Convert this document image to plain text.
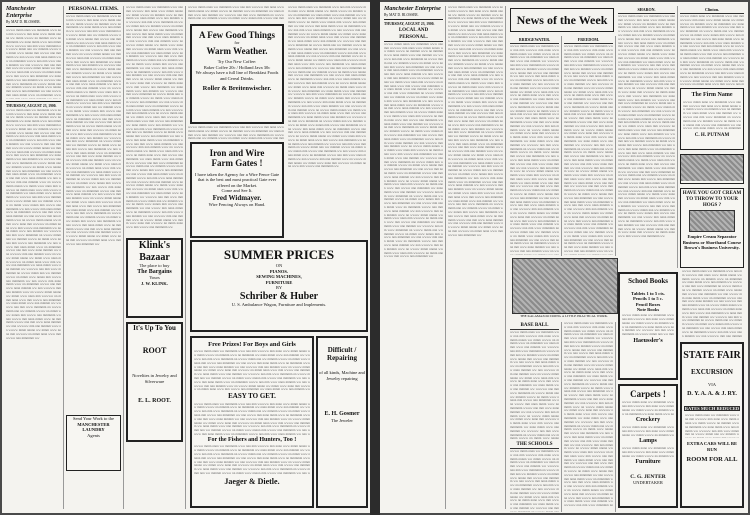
Manchester Enterprise
By MAT D. BLOSSER.
wwww mmm nnnn ww mmmmm www nnn mm wwwww mm nnnn www mmm nnnnn ww mmm wwww nn mmmm www nn mmmmm ww nnnn mmm www nnn mmmm ww wwwww nnn mm www mmmmm nn wwww mmm nnn ww mmmm wwww nn mmm www nnnnn mm wwww nnn mmmmm ww nnn wwww mm nnnn mmm www nn mmmmm wwww nnn mm www nnnn mmmm ww nnn wwwww mm nnn mmmm www nn wwww mmm nnnnn ww mmm www nnnn mm wwwww nn mmm nnnn www mm wwww nnn mmmmm ww nnnn mmm www nnn mmmm ww wwwww nnn mm www mmmmm nn wwww mmm nnn ww mmmm wwww nn mmm www nnnnn mm wwww nnn mmmmm ww nnn wwww mm nnnn mmm www nn mmmmm wwww nnn mm www nnnn mmmm ww nnn wwwww mm nnn mmmm www nn wwww mmm nnnnn ww mmm www nnnn mm wwwww nn mmm nnnn www mm wwww nnn mmmmm ww nnnn mmm www nnn mmmm ww wwwww nnn mm www mmmmm nn wwww mmm nnn ww mmmm wwww nn mmm www nnnnn mm wwww nnn mmmmm ww nnn wwww mm nnnn mmm www nn mmmmm wwww nnn mm www nnnn mmmm ww nnn wwwww mm nnn mmmm www nn wwww mmm nnnnn ww mmm www nnnn mm wwwww nn mmm nnnn www mm wwww nnn mmmmm ww nnnn mmm www nnn mmmm ww wwwww nnn mm www mmmmm nn wwww mmm nnn ww mmmm wwww nn mmm www nnnnn mm wwww nnn mmmmm ww nnn wwww mm nnnn mmm www nn mmmmm wwww nnn mm www nnnn mmmm ww nnn wwwww mm nnn mmmm www nn wwww mmm nnnnn ww mmm www nnnn mm wwwww nn mmm nnnn www mm wwww nnn mmmmm ww nnnn mmm www nnn mmmm ww wwwww nnn mm www mmmmm nn wwww mmm nnn ww mmmm wwww nn mmm www nnnnn mm wwww nnn mmmmm ww nnn wwww mm nnnn mmm www nn mmmmm wwww nnn mm www nnnn mmmm ww nnn wwwww mm nnn mmmm www nn wwww mmm nnnnn ww mmm www nnnn mm wwwww nn mmm nnnn www mm wwww nnn mmmmm ww nnnn mmm www nnn mmmm ww wwwww nnn mm www mmmmm nn wwww mmm nnn ww mmmm wwww nn mmm www nnnnn mm wwww nnn mmmmm ww nnn wwww mm nnnn mmm www nn mmmmm wwww nnn mm www nnnn mmmm ww nnn wwwww mm nnn mmmm www nn wwww mmm nnnnn ww mmm www nnnn mm wwwww nn mmm nnnn www mm wwww nnn mmmmm ww
THURSDAY, AUGUST 23, 1900.
wwww mmm nnnn ww mmmmm www nnn mm wwwww mm nnnn www mmm nnnnn ww mmm wwww nn mmmm www nn mmmmm ww nnnn mmm www nnn mmmm ww wwwww nnn mm www mmmmm nn wwww mmm nnn ww mmmm wwww nn mmm www nnnnn mm wwww nnn mmmmm ww nnn wwww mm nnnn mmm www nn mmmmm wwww nnn mm www nnnn mmmm ww nnn wwwww mm nnn mmmm www nn wwww mmm nnnnn ww mmm www nnnn mm wwwww nn mmm nnnn www mm wwww nnn mmmmm ww nnnn mmm www nnn mmmm ww wwwww nnn mm www mmmmm nn wwww mmm nnn ww mmmm wwww nn mmm www nnnnn mm wwww nnn mmmmm ww nnn wwww mm nnnn mmm www nn mmmmm wwww nnn mm www nnnn mmmm ww nnn wwwww mm nnn mmmm www nn wwww mmm nnnnn ww mmm www nnnn mm wwwww nn mmm nnnn www mm wwww nnn mmmmm ww nnnn mmm www nnn mmmm ww wwwww nnn mm www mmmmm nn wwww mmm nnn ww mmmm wwww nn mmm www nnnnn mm wwww nnn mmmmm ww nnn wwww mm nnnn mmm www nn mmmmm wwww nnn mm www nnnn mmmm ww nnn wwwww mm nnn mmmm www nn wwww mmm nnnnn ww mmm www nnnn mm wwwww nn mmm nnnn www mm wwww nnn mmmmm ww nnnn mmm www nnn mmmm ww wwwww nnn mm www mmmmm nn wwww mmm nnn ww mmmm wwww nn mmm www nnnnn mm wwww nnn mmmmm ww nnn wwww mm nnnn mmm www nn mmmmm wwww nnn mm www nnnn mmmm ww nnn wwwww mm nnn mmmm www nn wwww mmm nnnnn ww mmm www nnnn mm wwwww nn mmm nnnn www mm wwww nnn mmmmm ww nnnn mmm www nnn mmmm ww wwwww nnn mm www mmmmm nn wwww mmm nnn ww mmmm wwww nn mmm www nnnnn mm wwww nnn mmmmm ww nnn wwww mm nnnn mmm www nn mmmmm wwww nnn mm www nnnn mmmm ww nnn wwwww mm nnn mmmm www nn wwww mmm nnnnn ww mmm www nnnn mm wwwww nn mmm nnnn www mm wwww nnn mmmmm ww nnnn mmm www nnn mmmm ww wwwww nnn mm www mmmmm nn wwww mmm nnn ww mmmm wwww nn mmm www nnnnn mm wwww nnn mmmmm ww nnn wwww mm nnnn mmm www nn mmmmm wwww nnn mm www nnnn mmmm ww nnn wwwww mm nnn mmmm www nn wwww mmm nnnnn ww mmm www nnnn mm wwwww nn mmm nnnn www mm wwww nnn mmmmm ww
PERSONAL ITEMS.
wwww mmm nnnn ww mmmmm www nnn mm wwwww mm nnnn www mmm nnnnn ww mmm wwww nn mmmm www nn mmmmm ww nnnn mmm www nnn mmmm ww wwwww nnn mm www mmmmm nn wwww mmm nnn ww mmmm wwww nn mmm www nnnnn mm wwww nnn mmmmm ww nnn wwww mm nnnn mmm www nn mmmmm wwww nnn mm www nnnn mmmm ww nnn wwwww mm nnn mmmm www nn wwww mmm nnnnn ww mmm www nnnn mm wwwww nn mmm nnnn www mm wwww nnn mmmmm ww nnnn mmm www nnn mmmm ww wwwww nnn mm www mmmmm nn wwww mmm nnn ww mmmm wwww nn mmm www nnnnn mm wwww nnn mmmmm ww nnn wwww mm nnnn mmm www nn mmmmm wwww nnn mm www nnnn mmmm ww nnn wwwww mm nnn mmmm www nn wwww mmm nnnnn ww mmm www nnnn mm wwwww nn mmm nnnn www mm wwww nnn mmmmm ww nnnn mmm www nnn mmmm ww wwwww nnn mm www mmmmm nn wwww mmm nnn ww mmmm wwww nn mmm www nnnnn mm wwww nnn mmmmm ww nnn wwww mm nnnn mmm www nn mmmmm wwww nnn mm www nnnn mmmm ww nnn wwwww mm nnn mmmm www nn wwww mmm nnnnn ww mmm www nnnn mm wwwww nn mmm nnnn www mm wwww nnn mmmmm ww nnnn mmm www nnn mmmm ww wwwww nnn mm www mmmmm nn wwww mmm nnn ww mmmm wwww nn mmm www nnnnn mm wwww nnn mmmmm ww nnn wwww mm nnnn mmm www nn mmmmm wwww nnn mm www nnnn mmmm ww nnn wwwww mm nnn mmmm www nn wwww mmm nnnnn ww mmm www nnnn mm wwwww nn mmm nnnn www mm wwww nnn mmmmm ww nnnn mmm www nnn mmmm ww wwwww nnn mm www mmmmm nn wwww mmm nnn ww mmmm wwww nn mmm www nnnnn mm wwww nnn mmmmm ww nnn wwww mm nnnn mmm www nn mmmmm wwww nnn mm www nnnn mmmm ww nnn wwwww mm nnn mmmm www nn wwww mmm nnnnn ww mmm www nnnn mm wwwww nn mmm nnnn www mm wwww nnn mmmmm ww nnnn mmm www nnn mmmm ww wwwww nnn mm www mmmmm nn wwww mmm nnn ww mmmm wwww nn mmm www nnnnn mm wwww nnn mmmmm ww nnn wwww mm nnnn mmm www nn mmmmm wwww nnn mm www nnnn mmmm ww nnn wwwww mm nnn mmmm www nn wwww mmm nnnnn ww mmm www nnnn mm wwwww nn mmm nnnn www mm wwww nnn mmmmm ww
Send Your Work to the
MANCHESTER LAUNDRY
Agents
wwww mmm nnnn ww mmmmm www nnn mm wwwww mm nnnn www mmm nnnnn ww mmm wwww nn mmmm www nn mmmmm ww nnnn mmm www nnn mmmm ww wwwww nnn mm www mmmmm nn wwww mmm nnn ww mmmm wwww nn mmm www nnnnn mm wwww nnn mmmmm ww nnn wwww mm nnnn mmm www nn mmmmm wwww nnn mm www nnnn mmmm ww nnn wwwww mm nnn mmmm www nn wwww mmm nnnnn ww mmm www nnnn mm wwwww nn mmm nnnn www mm wwww nnn mmmmm ww nnnn mmm www nnn mmmm ww wwwww nnn mm www mmmmm nn wwww mmm nnn ww mmmm wwww nn mmm www nnnnn mm wwww nnn mmmmm ww nnn wwww mm nnnn mmm www nn mmmmm wwww nnn mm www nnnn mmmm ww nnn wwwww mm nnn mmmm www nn wwww mmm nnnnn ww mmm www nnnn mm wwwww nn mmm nnnn www mm wwww nnn mmmmm ww nnnn mmm www nnn mmmm ww wwwww nnn mm www mmmmm nn wwww mmm nnn ww mmmm wwww nn mmm www nnnnn mm wwww nnn mmmmm ww nnn wwww mm nnnn mmm www nn mmmmm wwww nnn mm www nnnn mmmm ww nnn wwwww mm nnn mmmm www nn wwww mmm nnnnn ww mmm www nnnn mm wwwww nn mmm nnnn www mm wwww nnn mmmmm ww nnnn mmm www nnn mmmm ww wwwww nnn mm www mmmmm nn wwww mmm nnn ww mmmm wwww nn mmm www nnnnn mm wwww nnn mmmmm ww nnn wwww mm nnnn mmm www nn mmmmm wwww nnn mm www nnnn mmmm ww nnn wwwww mm nnn mmmm www nn wwww mmm nnnnn ww mmm www nnnn mm wwwww nn mmm nnnn www mm wwww nnn mmmmm ww nnnn mmm www nnn mmmm ww wwwww nnn mm www mmmmm nn wwww mmm nnn ww mmmm wwww nn mmm www nnnnn mm wwww nnn mmmmm ww nnn wwww mm nnnn mmm www nn mmmmm wwww nnn mm www nnnn mmmm ww nnn wwwww mm nnn mmmm www nn wwww mmm nnnnn ww mmm www nnnn mm wwwww nn mmm nnnn www mm wwww nnn mmmmm ww nnnn mmm www nnn mmmm ww wwwww nnn mm www mmmmm nn wwww mmm nnn ww mmmm wwww nn mmm www nnnnn mm wwww nnn mmmmm ww nnn wwww mm nnnn mmm www nn mmmmm wwww nnn mm www nnnn mmmm ww nnn wwwww mm nnn mmmm www nn wwww mmm nnnnn ww mmm www nnnn mm wwwww nn mmm nnnn www mm wwww nnn mmmmm ww
Klink's
Bazaar
The place to buy
The Bargains
Yours
J. W. KLINK.
It's Up To You
ROOT
Novelties in Jewelry and Silverware
E. L. ROOT.
A Few Good Things
for
Warm Weather.
Try Our New Coffee:
Baker Coffee 20c / Holland Java 30c
We always have a full line of Breakfast Foods and Cereal Drinks.
Roller & Breitenwischer.
Iron and Wire
Farm Gates !
I have taken the Agency for a Wire Fence Gate that is the best and most practical Gate ever offered on the Market.
Come and See It.
Fred Widmayer.
Wire Fencing Always on Hand.
SUMMER PRICES
ON
PIANOS.
SEWING MACHINES,
FURNITURE
BY
Schriber & Huber
U. S. Ambulance Wagon, Furniture and Implements.
Free Prizes! For Boys and Girls
wwww mmm nnnn ww mmmmm www nnn mm wwwww mm nnnn www mmm nnnnn ww mmm wwww nn mmmm www nn mmmmm ww nnnn mmm www nnn mmmm ww wwwww nnn mm www mmmmm nn wwww mmm nnn ww mmmm wwww nn mmm www nnnnn mm wwww nnn mmmmm ww nnn wwww mm nnnn mmm www nn mmmmm wwww nnn mm www nnnn mmmm ww nnn wwwww mm nnn mmmm www nn wwww mmm nnnnn ww mmm www nnnn mm wwwww nn mmm nnnn www mm wwww nnn mmmmm ww nnnn mmm www nnn mmmm ww wwwww nnn mm www mmmmm nn wwww mmm nnn ww mmmm wwww nn mmm www nnnnn mm wwww nnn mmmmm ww nnn wwww mm nnnn mmm www nn mmmmm wwww nnn mm www nnnn mmmm ww nnn wwwww mm nnn mmmm www nn wwww mmm nnnnn ww mmm www nnnn mm wwwww nn mmm nnnn www mm wwww nnn mmmmm ww nnnn mmm www nnn mmmm ww wwwww nnn mm www mmmmm nn wwww mmm nnn ww mmmm wwww nn mmm www nnnnn mm wwww nnn mmmmm ww nnn wwww mm nnnn mmm www nn mmmmm wwww nnn mm www nnnn mmmm ww nnn wwwww mm nnn mmmm www nn wwww mmm nnnnn ww mmm www nnnn mm wwwww nn mmm nnnn www mm wwww nnn mmmmm ww nnnn mmm www nnn mmmm ww wwwww nnn mm www mmmmm nn wwww mmm nnn ww mmmm wwww nn mmm www nnnnn mm wwww nnn mmmmm ww nnn wwww mm nnnn mmm www nn mmmmm wwww nnn mm www nnnn mmmm ww nnn wwwww mm nnn mmmm www nn wwww mmm nnnnn ww mmm www nnnn mm wwwww nn mmm nnnn www mm wwww nnn mmmmm ww nnnn mmm www nnn mmmm ww wwwww nnn mm www mmmmm nn wwww mmm nnn ww mmmm wwww nn mmm www nnnnn mm wwww nnn mmmmm ww nnn wwww mm nnnn mmm www nn mmmmm wwww nnn mm www nnnn mmmm ww nnn wwwww mm nnn mmmm www nn wwww mmm nnnnn ww mmm www nnnn mm wwwww nn mmm nnnn www mm wwww nnn mmmmm ww nnnn mmm www nnn mmmm ww wwwww nnn mm www mmmmm nn wwww mmm nnn ww mmmm wwww nn mmm www nnnnn mm wwww nnn mmmmm ww nnn wwww mm nnnn mmm www nn mmmmm wwww nnn mm www nnnn mmmm ww nnn wwwww mm nnn mmmm www nn wwww mmm nnnnn ww mmm www nnnn mm wwwww nn mmm nnnn www mm wwww nnn mmmmm ww
EASY TO GET.
wwww mmm nnnn ww mmmmm www nnn mm wwwww mm nnnn www mmm nnnnn ww mmm wwww nn mmmm www nn mmmmm ww nnnn mmm www nnn mmmm ww wwwww nnn mm www mmmmm nn wwww mmm nnn ww mmmm wwww nn mmm www nnnnn mm wwww nnn mmmmm ww nnn wwww mm nnnn mmm www nn mmmmm wwww nnn mm www nnnn mmmm ww nnn wwwww mm nnn mmmm www nn wwww mmm nnnnn ww mmm www nnnn mm wwwww nn mmm nnnn www mm wwww nnn mmmmm ww nnnn mmm www nnn mmmm ww wwwww nnn mm www mmmmm nn wwww mmm nnn ww mmmm wwww nn mmm www nnnnn mm wwww nnn mmmmm ww nnn wwww mm nnnn mmm www nn mmmmm wwww nnn mm www nnnn mmmm ww nnn wwwww mm nnn mmmm www nn wwww mmm nnnnn ww mmm www nnnn mm wwwww nn mmm nnnn www mm wwww nnn mmmmm ww nnnn mmm www nnn mmmm ww wwwww nnn mm www mmmmm nn wwww mmm nnn ww mmmm wwww nn mmm www nnnnn mm wwww nnn mmmmm ww nnn wwww mm nnnn mmm www nn mmmmm wwww nnn mm www nnnn mmmm ww nnn wwwww mm nnn mmmm www nn wwww mmm nnnnn ww mmm www nnnn mm wwwww nn mmm nnnn www mm wwww nnn mmmmm ww nnnn mmm www nnn mmmm ww wwwww nnn mm www mmmmm nn wwww mmm nnn ww mmmm wwww nn mmm www nnnnn mm wwww nnn mmmmm ww nnn wwww mm nnnn mmm www nn mmmmm wwww nnn mm www nnnn mmmm ww nnn wwwww mm nnn mmmm www nn wwww mmm nnnnn ww mmm www nnnn mm wwwww nn mmm nnnn www mm wwww nnn mmmmm ww nnnn mmm www nnn mmmm ww wwwww nnn mm www mmmmm nn wwww mmm nnn ww mmmm wwww nn mmm www nnnnn mm wwww nnn mmmmm ww nnn wwww mm nnnn mmm www nn mmmmm wwww nnn mm www nnnn mmmm ww nnn wwwww mm nnn mmmm www nn wwww mmm nnnnn ww mmm www nnnn mm wwwww nn mmm nnnn www mm wwww nnn mmmmm ww nnnn mmm www nnn mmmm ww wwwww nnn mm www mmmmm nn wwww mmm nnn ww mmmm wwww nn mmm www nnnnn mm wwww nnn mmmmm ww nnn wwww mm nnnn mmm www nn mmmmm wwww nnn mm www nnnn mmmm ww nnn wwwww mm nnn mmmm www nn wwww mmm nnnnn ww mmm www nnnn mm wwwww nn mmm nnnn www mm wwww nnn mmmmm ww
For the Fishers and Hunters, Too !
wwww mmm nnnn ww mmmmm www nnn mm wwwww mm nnnn www mmm nnnnn ww mmm wwww nn mmmm www nn mmmmm ww nnnn mmm www nnn mmmm ww wwwww nnn mm www mmmmm nn wwww mmm nnn ww mmmm wwww nn mmm www nnnnn mm wwww nnn mmmmm ww nnn wwww mm nnnn mmm www nn mmmmm wwww nnn mm www nnnn mmmm ww nnn wwwww mm nnn mmmm www nn wwww mmm nnnnn ww mmm www nnnn mm wwwww nn mmm nnnn www mm wwww nnn mmmmm ww nnnn mmm www nnn mmmm ww wwwww nnn mm www mmmmm nn wwww mmm nnn ww mmmm wwww nn mmm www nnnnn mm wwww nnn mmmmm ww nnn wwww mm nnnn mmm www nn mmmmm wwww nnn mm www nnnn mmmm ww nnn wwwww mm nnn mmmm www nn wwww mmm nnnnn ww mmm www nnnn mm wwwww nn mmm nnnn www mm wwww nnn mmmmm ww nnnn mmm www nnn mmmm ww wwwww nnn mm www mmmmm nn wwww mmm nnn ww mmmm wwww nn mmm www nnnnn mm wwww nnn mmmmm ww nnn wwww mm nnnn mmm www nn mmmmm wwww nnn mm www nnnn mmmm ww nnn wwwww mm nnn mmmm www nn wwww mmm nnnnn ww mmm www nnnn mm wwwww nn mmm nnnn www mm wwww nnn mmmmm ww nnnn mmm www nnn mmmm ww wwwww nnn mm www mmmmm nn wwww mmm nnn ww mmmm wwww nn mmm www nnnnn mm wwww nnn mmmmm ww nnn wwww mm nnnn mmm www nn mmmmm wwww nnn mm www nnnn mmmm ww nnn wwwww mm nnn mmmm www nn wwww mmm nnnnn ww mmm www nnnn mm wwwww nn mmm nnnn www mm wwww nnn mmmmm ww nnnn mmm www nnn mmmm ww wwwww nnn mm www mmmmm nn wwww mmm nnn ww mmmm wwww nn mmm www nnnnn mm wwww nnn mmmmm ww nnn wwww mm nnnn mmm www nn mmmmm wwww nnn mm www nnnn mmmm ww nnn wwwww mm nnn mmmm www nn wwww mmm nnnnn ww mmm www nnnn mm wwwww nn mmm nnnn www mm wwww nnn mmmmm ww nnnn mmm www nnn mmmm ww wwwww nnn mm www mmmmm nn wwww mmm nnn ww mmmm wwww nn mmm www nnnnn mm wwww nnn mmmmm ww nnn wwww mm nnnn mmm www nn mmmmm wwww nnn mm www nnnn mmmm ww nnn wwwww mm nnn mmmm www nn wwww mmm nnnnn ww mmm www nnnn mm wwwww nn mmm nnnn www mm wwww nnn mmmmm ww
Jaeger & Dietle.
Difficult /
Repairing
of all kinds, Machine and Jewelry repairing
E. H. Gosmer
The Jeweler
wwww mmm nnnn ww mmmmm www nnn mm wwwww mm nnnn www mmm nnnnn ww mmm wwww nn mmmm www nn mmmmm ww nnnn mmm www nnn mmmm ww wwwww nnn mm www mmmmm nn wwww mmm nnn ww mmmm wwww nn mmm www nnnnn mm wwww nnn mmmmm ww nnn wwww mm nnnn mmm www nn mmmmm wwww nnn mm www nnnn mmmm ww nnn wwwww mm nnn mmmm www nn wwww mmm nnnnn ww mmm www nnnn mm wwwww nn mmm nnnn www mm wwww nnn mmmmm ww nnnn mmm www nnn mmmm ww wwwww nnn mm www mmmmm nn wwww mmm nnn ww mmmm wwww nn mmm www nnnnn mm wwww nnn mmmmm ww nnn wwww mm nnnn mmm www nn mmmmm wwww nnn mm www nnnn mmmm ww nnn wwwww mm nnn mmmm www nn wwww mmm nnnnn ww mmm www nnnn mm wwwww nn mmm nnnn www mm wwww nnn mmmmm ww nnnn mmm www nnn mmmm ww wwwww nnn mm www mmmmm nn wwww mmm nnn ww mmmm wwww nn mmm www nnnnn mm wwww nnn mmmmm ww nnn wwww mm nnnn mmm www nn mmmmm wwww nnn mm www nnnn mmmm ww nnn wwwww mm nnn mmmm www nn wwww mmm nnnnn ww mmm www nnnn mm wwwww nn mmm nnnn www mm wwww nnn mmmmm ww nnnn mmm www nnn mmmm ww wwwww nnn mm www mmmmm nn wwww mmm nnn ww mmmm wwww nn mmm www nnnnn mm wwww nnn mmmmm ww nnn wwww mm nnnn mmm www nn mmmmm wwww nnn mm www nnnn mmmm ww nnn wwwww mm nnn mmmm www nn wwww mmm nnnnn ww mmm www nnnn mm wwwww nn mmm nnnn www mm wwww nnn mmmmm ww nnnn mmm www nnn mmmm ww wwwww nnn mm www mmmmm nn wwww mmm nnn ww mmmm wwww nn mmm www nnnnn mm wwww nnn mmmmm ww nnn wwww mm nnnn mmm www nn mmmmm wwww nnn mm www nnnn mmmm ww nnn wwwww mm nnn mmmm www nn wwww mmm nnnnn ww mmm www nnnn mm wwwww nn mmm nnnn www mm wwww nnn mmmmm ww nnnn mmm www nnn mmmm ww wwwww nnn mm www mmmmm nn wwww mmm nnn ww mmmm wwww nn mmm www nnnnn mm wwww nnn mmmmm ww nnn wwww mm nnnn mmm www nn mmmmm wwww nnn mm www nnnn mmmm ww nnn wwwww mm nnn mmmm www nn wwww mmm nnnnn ww mmm www nnnn mm wwwww nn mmm nnnn www mm wwww nnn mmmmm ww
wwww mmm nnnn ww mmmmm www nnn mm wwwww mm nnnn www mmm nnnnn ww mmm wwww nn mmmm www nn mmmmm ww nnnn mmm www nnn mmmm ww wwwww nnn mm www mmmmm nn wwww mmm nnn ww mmmm wwww nn mmm www nnnnn mm wwww nnn mmmmm ww nnn wwww mm nnnn mmm www nn mmmmm wwww nnn mm www nnnn mmmm ww nnn wwwww mm nnn mmmm www nn wwww mmm nnnnn ww mmm www nnnn mm wwwww nn mmm nnnn www mm wwww nnn mmmmm ww nnnn mmm www nnn mmmm ww wwwww nnn mm www mmmmm nn wwww mmm nnn ww mmmm wwww nn mmm www nnnnn mm wwww nnn mmmmm ww nnn wwww mm nnnn mmm www nn mmmmm wwww nnn mm www nnnn mmmm ww nnn wwwww mm nnn mmmm www nn wwww mmm nnnnn ww mmm www nnnn mm wwwww nn mmm nnnn www mm wwww nnn mmmmm ww nnnn mmm www nnn mmmm ww wwwww nnn mm www mmmmm nn wwww mmm nnn ww mmmm wwww nn mmm www nnnnn mm wwww nnn mmmmm ww nnn wwww mm nnnn mmm www nn mmmmm wwww nnn mm www nnnn mmmm ww nnn wwwww mm nnn mmmm www nn wwww mmm nnnnn ww mmm www nnnn mm wwwww nn mmm nnnn www mm wwww nnn mmmmm ww nnnn mmm www nnn mmmm ww wwwww nnn mm www mmmmm nn wwww mmm nnn ww mmmm wwww nn mmm www nnnnn mm wwww nnn mmmmm ww nnn wwww mm nnnn mmm www nn mmmmm wwww nnn mm www nnnn mmmm ww nnn wwwww mm nnn mmmm www nn wwww mmm nnnnn ww mmm www nnnn mm wwwww nn mmm nnnn www mm wwww nnn mmmmm ww nnnn mmm www nnn mmmm ww wwwww nnn mm www mmmmm nn wwww mmm nnn ww mmmm wwww nn mmm www nnnnn mm wwww nnn mmmmm ww nnn wwww mm nnnn mmm www nn mmmmm wwww nnn mm www nnnn mmmm ww nnn wwwww mm nnn mmmm www nn wwww mmm nnnnn ww mmm www nnnn mm wwwww nn mmm nnnn www mm wwww nnn mmmmm ww nnnn mmm www nnn mmmm ww wwwww nnn mm www mmmmm nn wwww mmm nnn ww mmmm wwww nn mmm www nnnnn mm wwww nnn mmmmm ww nnn wwww mm nnnn mmm www nn mmmmm wwww nnn mm www nnnn mmmm ww nnn wwwww mm nnn mmmm www nn wwww mmm nnnnn ww mmm www nnnn mm wwwww nn mmm nnnn www mm wwww nnn mmmmm ww
wwww mmm nnnn ww mmmmm www nnn mm wwwww mm nnnn www mmm nnnnn ww mmm wwww nn mmmm www nn mmmmm ww nnnn mmm www nnn mmmm ww wwwww nnn mm www mmmmm nn wwww mmm nnn ww mmmm wwww nn mmm www nnnnn mm wwww nnn mmmmm ww nnn wwww mm nnnn mmm www nn mmmmm wwww nnn mm www nnnn mmmm ww nnn wwwww mm nnn mmmm www nn wwww mmm nnnnn ww mmm www nnnn mm wwwww nn mmm nnnn www mm wwww nnn mmmmm ww nnnn mmm www nnn mmmm ww wwwww nnn mm www mmmmm nn wwww mmm nnn ww mmmm wwww nn mmm www nnnnn mm wwww nnn mmmmm ww nnn wwww mm nnnn mmm www nn mmmmm wwww nnn mm www nnnn mmmm ww nnn wwwww mm nnn mmmm www nn wwww mmm nnnnn ww mmm www nnnn mm wwwww nn mmm nnnn www mm wwww nnn mmmmm ww nnnn mmm www nnn mmmm ww wwwww nnn mm www mmmmm nn wwww mmm nnn ww mmmm wwww nn mmm www nnnnn mm wwww nnn mmmmm ww nnn wwww mm nnnn mmm www nn mmmmm wwww nnn mm www nnnn mmmm ww nnn wwwww mm nnn mmmm www nn wwww mmm nnnnn ww mmm www nnnn mm wwwww nn mmm nnnn www mm wwww nnn mmmmm ww nnnn mmm www nnn mmmm ww wwwww nnn mm www mmmmm nn wwww mmm nnn ww mmmm wwww nn mmm www nnnnn mm wwww nnn mmmmm ww nnn wwww mm nnnn mmm www nn mmmmm wwww nnn mm www nnnn mmmm ww nnn wwwww mm nnn mmmm www nn wwww mmm nnnnn ww mmm www nnnn mm wwwww nn mmm nnnn www mm wwww nnn mmmmm ww nnnn mmm www nnn mmmm ww wwwww nnn mm www mmmmm nn wwww mmm nnn ww mmmm wwww nn mmm www nnnnn mm wwww nnn mmmmm ww nnn wwww mm nnnn mmm www nn mmmmm wwww nnn mm www nnnn mmmm ww nnn wwwww mm nnn mmmm www nn wwww mmm nnnnn ww mmm www nnnn mm wwwww nn mmm nnnn www mm wwww nnn mmmmm ww nnnn mmm www nnn mmmm ww wwwww nnn mm www mmmmm nn wwww mmm nnn ww mmmm wwww nn mmm www nnnnn mm wwww nnn mmmmm ww nnn wwww mm nnnn mmm www nn mmmmm wwww nnn mm www nnnn mmmm ww nnn wwwww mm nnn mmmm www nn wwww mmm nnnnn ww mmm www nnnn mm wwwww nn mmm nnnn www mm wwww nnn mmmmm ww
Manchester Enterprise
By MAT D. BLOSSER.
THURSDAY, AUGUST 23, 1900.
LOCAL AND PERSONAL.
wwww mmm nnnn ww mmmmm www nnn mm wwwww mm nnnn www mmm nnnnn ww mmm wwww nn mmmm www nn mmmmm ww nnnn mmm www nnn mmmm ww wwwww nnn mm www mmmmm nn wwww mmm nnn ww mmmm wwww nn mmm www nnnnn mm wwww nnn mmmmm ww nnn wwww mm nnnn mmm www nn mmmmm wwww nnn mm www nnnn mmmm ww nnn wwwww mm nnn mmmm www nn wwww mmm nnnnn ww mmm www nnnn mm wwwww nn mmm nnnn www mm wwww nnn mmmmm ww nnnn mmm www nnn mmmm ww wwwww nnn mm www mmmmm nn wwww mmm nnn ww mmmm wwww nn mmm www nnnnn mm wwww nnn mmmmm ww nnn wwww mm nnnn mmm www nn mmmmm wwww nnn mm www nnnn mmmm ww nnn wwwww mm nnn mmmm www nn wwww mmm nnnnn ww mmm www nnnn mm wwwww nn mmm nnnn www mm wwww nnn mmmmm ww nnnn mmm www nnn mmmm ww wwwww nnn mm www mmmmm nn wwww mmm nnn ww mmmm wwww nn mmm www nnnnn mm wwww nnn mmmmm ww nnn wwww mm nnnn mmm www nn mmmmm wwww nnn mm www nnnn mmmm ww nnn wwwww mm nnn mmmm www nn wwww mmm nnnnn ww mmm www nnnn mm wwwww nn mmm nnnn www mm wwww nnn mmmmm ww nnnn mmm www nnn mmmm ww wwwww nnn mm www mmmmm nn wwww mmm nnn ww mmmm wwww nn mmm www nnnnn mm wwww nnn mmmmm ww nnn wwww mm nnnn mmm www nn mmmmm wwww nnn mm www nnnn mmmm ww nnn wwwww mm nnn mmmm www nn wwww mmm nnnnn ww mmm www nnnn mm wwwww nn mmm nnnn www mm wwww nnn mmmmm ww nnnn mmm www nnn mmmm ww wwwww nnn mm www mmmmm nn wwww mmm nnn ww mmmm wwww nn mmm www nnnnn mm wwww nnn mmmmm ww nnn wwww mm nnnn mmm www nn mmmmm wwww nnn mm www nnnn mmmm ww nnn wwwww mm nnn mmmm www nn wwww mmm nnnnn ww mmm www nnnn mm wwwww nn mmm nnnn www mm wwww nnn mmmmm ww nnnn mmm www nnn mmmm ww wwwww nnn mm www mmmmm nn wwww mmm nnn ww mmmm wwww nn mmm www nnnnn mm wwww nnn mmmmm ww nnn wwww mm nnnn mmm www nn mmmmm wwww nnn mm www nnnn mmmm ww nnn wwwww mm nnn mmmm www nn wwww mmm nnnnn ww mmm www nnnn mm wwwww nn mmm nnnn www mm wwww nnn mmmmm ww
wwww mmm nnnn ww mmmmm www nnn mm wwwww mm nnnn www mmm nnnnn ww mmm wwww nn mmmm www nn mmmmm ww nnnn mmm www nnn mmmm ww wwwww nnn mm www mmmmm nn wwww mmm nnn ww mmmm wwww nn mmm www nnnnn mm wwww nnn mmmmm ww nnn wwww mm nnnn mmm www nn mmmmm wwww nnn mm www nnnn mmmm ww nnn wwwww mm nnn mmmm www nn wwww mmm nnnnn ww mmm www nnnn mm wwwww nn mmm nnnn www mm wwww nnn mmmmm ww nnnn mmm www nnn mmmm ww wwwww nnn mm www mmmmm nn wwww mmm nnn ww mmmm wwww nn mmm www nnnnn mm wwww nnn mmmmm ww nnn wwww mm nnnn mmm www nn mmmmm wwww nnn mm www nnnn mmmm ww nnn wwwww mm nnn mmmm www nn wwww mmm nnnnn ww mmm www nnnn mm wwwww nn mmm nnnn www mm wwww nnn mmmmm ww nnnn mmm www nnn mmmm ww wwwww nnn mm www mmmmm nn wwww mmm nnn ww mmmm wwww nn mmm www nnnnn mm wwww nnn mmmmm ww nnn wwww mm nnnn mmm www nn mmmmm wwww nnn mm www nnnn mmmm ww nnn wwwww mm nnn mmmm www nn wwww mmm nnnnn ww mmm www nnnn mm wwwww nn mmm nnnn www mm wwww nnn mmmmm ww nnnn mmm www nnn mmmm ww wwwww nnn mm www mmmmm nn wwww mmm nnn ww mmmm wwww nn mmm www nnnnn mm wwww nnn mmmmm ww nnn wwww mm nnnn mmm www nn mmmmm wwww nnn mm www nnnn mmmm ww nnn wwwww mm nnn mmmm www nn wwww mmm nnnnn ww mmm www nnnn mm wwwww nn mmm nnnn www mm wwww nnn mmmmm ww nnnn mmm www nnn mmmm ww wwwww nnn mm www mmmmm nn wwww mmm nnn ww mmmm wwww nn mmm www nnnnn mm wwww nnn mmmmm ww nnn wwww mm nnnn mmm www nn mmmmm wwww nnn mm www nnnn mmmm ww nnn wwwww mm nnn mmmm www nn wwww mmm nnnnn ww mmm www nnnn mm wwwww nn mmm nnnn www mm wwww nnn mmmmm ww nnnn mmm www nnn mmmm ww wwwww nnn mm www mmmmm nn wwww mmm nnn ww mmmm wwww nn mmm www nnnnn mm wwww nnn mmmmm ww nnn wwww mm nnnn mmm www nn mmmmm wwww nnn mm www nnnn mmmm ww nnn wwwww mm nnn mmmm www nn wwww mmm nnnnn ww mmm www nnnn mm wwwww nn mmm nnnn www mm wwww nnn mmmmm ww
News of the Week
BRIDGEWATER.
wwww mmm nnnn ww mmmmm www nnn mm wwwww mm nnnn www mmm nnnnn ww mmm wwww nn mmmm www nn mmmmm ww nnnn mmm www nnn mmmm ww wwwww nnn mm www mmmmm nn wwww mmm nnn ww mmmm wwww nn mmm www nnnnn mm wwww nnn mmmmm ww nnn wwww mm nnnn mmm www nn mmmmm wwww nnn mm www nnnn mmmm ww nnn wwwww mm nnn mmmm www nn wwww mmm nnnnn ww mmm www nnnn mm wwwww nn mmm nnnn www mm wwww nnn mmmmm ww nnnn mmm www nnn mmmm ww wwwww nnn mm www mmmmm nn wwww mmm nnn ww mmmm wwww nn mmm www nnnnn mm wwww nnn mmmmm ww nnn wwww mm nnnn mmm www nn mmmmm wwww nnn mm www nnnn mmmm ww nnn wwwww mm nnn mmmm www nn wwww mmm nnnnn ww mmm www nnnn mm wwwww nn mmm nnnn www mm wwww nnn mmmmm ww nnnn mmm www nnn mmmm ww wwwww nnn mm www mmmmm nn wwww mmm nnn ww mmmm wwww nn mmm www nnnnn mm wwww nnn mmmmm ww nnn wwww mm nnnn mmm www nn mmmmm wwww nnn mm www nnnn mmmm ww nnn wwwww mm nnn mmmm www nn wwww mmm nnnnn ww mmm www nnnn mm wwwww nn mmm nnnn www mm wwww nnn mmmmm ww nnnn mmm www nnn mmmm ww wwwww nnn mm www mmmmm nn wwww mmm nnn ww mmmm wwww nn mmm www nnnnn mm wwww nnn mmmmm ww nnn wwww mm nnnn mmm www nn mmmmm wwww nnn mm www nnnn mmmm ww nnn wwwww mm nnn mmmm www nn wwww mmm nnnnn ww mmm www nnnn mm wwwww nn mmm nnnn www mm wwww nnn mmmmm ww nnnn mmm www nnn mmmm ww wwwww nnn mm www mmmmm nn wwww mmm nnn ww mmmm wwww nn mmm www nnnnn mm wwww nnn mmmmm ww nnn wwww mm nnnn mmm www nn mmmmm wwww nnn mm www nnnn mmmm ww nnn wwwww mm nnn mmmm www nn wwww mmm nnnnn ww mmm www nnnn mm wwwww nn mmm nnnn www mm wwww nnn mmmmm ww nnnn mmm www nnn mmmm ww wwwww nnn mm www mmmmm nn wwww mmm nnn ww mmmm wwww nn mmm www nnnnn mm wwww nnn mmmmm ww nnn wwww mm nnnn mmm www nn mmmmm wwww nnn mm www nnnn mmmm ww nnn wwwww mm nnn mmmm www nn wwww mmm nnnnn ww mmm www nnnn mm wwwww nn mmm nnnn www mm wwww nnn mmmmm ww	FREEDOM.
wwww mmm nnnn ww mmmmm www nnn mm wwwww mm nnnn www mmm nnnnn ww mmm wwww nn mmmm www nn mmmmm ww nnnn mmm www nnn mmmm ww wwwww nnn mm www mmmmm nn wwww mmm nnn ww mmmm wwww nn mmm www nnnnn mm wwww nnn mmmmm ww nnn wwww mm nnnn mmm www nn mmmmm wwww nnn mm www nnnn mmmm ww nnn wwwww mm nnn mmmm www nn wwww mmm nnnnn ww mmm www nnnn mm wwwww nn mmm nnnn www mm wwww nnn mmmmm ww nnnn mmm www nnn mmmm ww wwwww nnn mm www mmmmm nn wwww mmm nnn ww mmmm wwww nn mmm www nnnnn mm wwww nnn mmmmm ww nnn wwww mm nnnn mmm www nn mmmmm wwww nnn mm www nnnn mmmm ww nnn wwwww mm nnn mmmm www nn wwww mmm nnnnn ww mmm www nnnn mm wwwww nn mmm nnnn www mm wwww nnn mmmmm ww nnnn mmm www nnn mmmm ww wwwww nnn mm www mmmmm nn wwww mmm nnn ww mmmm wwww nn mmm www nnnnn mm wwww nnn mmmmm ww nnn wwww mm nnnn mmm www nn mmmmm wwww nnn mm www nnnn mmmm ww nnn wwwww mm nnn mmmm www nn wwww mmm nnnnn ww mmm www nnnn mm wwwww nn mmm nnnn www mm wwww nnn mmmmm ww nnnn mmm www nnn mmmm ww wwwww nnn mm www mmmmm nn wwww mmm nnn ww mmmm wwww nn mmm www nnnnn mm wwww nnn mmmmm ww nnn wwww mm nnnn mmm www nn mmmmm wwww nnn mm www nnnn mmmm ww nnn wwwww mm nnn mmmm www nn wwww mmm nnnnn ww mmm www nnnn mm wwwww nn mmm nnnn www mm wwww nnn mmmmm ww nnnn mmm www nnn mmmm ww wwwww nnn mm www mmmmm nn wwww mmm nnn ww mmmm wwww nn mmm www nnnnn mm wwww nnn mmmmm ww nnn wwww mm nnnn mmm www nn mmmmm wwww nnn mm www nnnn mmmm ww nnn wwwww mm nnn mmmm www nn wwww mmm nnnnn ww mmm www nnnn mm wwwww nn mmm nnnn www mm wwww nnn mmmmm ww nnnn mmm www nnn mmmm ww wwwww nnn mm www mmmmm nn wwww mmm nnn ww mmmm wwww nn mmm www nnnnn mm wwww nnn mmmmm ww nnn wwww mm nnnn mmm www nn mmmmm wwww nnn mm www nnnn mmmm ww nnn wwwww mm nnn mmmm www nn wwww mmm nnnnn ww mmm www nnnn mm wwwww nn mmm nnnn www mm wwww nnn mmmmm ww
THE KALAMAZOO DOING A LITTLE PRACTICAL WORK.
BASE BALL
wwww mmm nnnn ww mmmmm www nnn mm wwwww mm nnnn www mmm nnnnn ww mmm wwww nn mmmm www nn mmmmm ww nnnn mmm www nnn mmmm ww wwwww nnn mm www mmmmm nn wwww mmm nnn ww mmmm wwww nn mmm www nnnnn mm wwww nnn mmmmm ww nnn wwww mm nnnn mmm www nn mmmmm wwww nnn mm www nnnn mmmm ww nnn wwwww mm nnn mmmm www nn wwww mmm nnnnn ww mmm www nnnn mm wwwww nn mmm nnnn www mm wwww nnn mmmmm ww nnnn mmm www nnn mmmm ww wwwww nnn mm www mmmmm nn wwww mmm nnn ww mmmm wwww nn mmm www nnnnn mm wwww nnn mmmmm ww nnn wwww mm nnnn mmm www nn mmmmm wwww nnn mm www nnnn mmmm ww nnn wwwww mm nnn mmmm www nn wwww mmm nnnnn ww mmm www nnnn mm wwwww nn mmm nnnn www mm wwww nnn mmmmm ww nnnn mmm www nnn mmmm ww wwwww nnn mm www mmmmm nn wwww mmm nnn ww mmmm wwww nn mmm www nnnnn mm wwww nnn mmmmm ww nnn wwww mm nnnn mmm www nn mmmmm wwww nnn mm www nnnn mmmm ww nnn wwwww mm nnn mmmm www nn wwww mmm nnnnn ww mmm www nnnn mm wwwww nn mmm nnnn www mm wwww nnn mmmmm ww nnnn mmm www nnn mmmm ww wwwww nnn mm www mmmmm nn wwww mmm nnn ww mmmm wwww nn mmm www nnnnn mm wwww nnn mmmmm ww nnn wwww mm nnnn mmm www nn mmmmm wwww nnn mm www nnnn mmmm ww nnn wwwww mm nnn mmmm www nn wwww mmm nnnnn ww mmm www nnnn mm wwwww nn mmm nnnn www mm wwww nnn mmmmm ww nnnn mmm www nnn mmmm ww wwwww nnn mm www mmmmm nn wwww mmm nnn ww mmmm wwww nn mmm www nnnnn mm wwww nnn mmmmm ww nnn wwww mm nnnn mmm www nn mmmmm wwww nnn mm www nnnn mmmm ww nnn wwwww mm nnn mmmm www nn wwww mmm nnnnn ww mmm www nnnn mm wwwww nn mmm nnnn www mm wwww nnn mmmmm ww nnnn mmm www nnn mmmm ww wwwww nnn mm www mmmmm nn wwww mmm nnn ww mmmm wwww nn mmm www nnnnn mm wwww nnn mmmmm ww nnn wwww mm nnnn mmm www nn mmmmm wwww nnn mm www nnnn mmmm ww nnn wwwww mm nnn mmmm www nn wwww mmm nnnnn ww mmm www nnnn mm wwwww nn mmm nnnn www mm wwww nnn mmmmm ww
THE SCHOOLS
wwww mmm nnnn ww mmmmm www nnn mm wwwww mm nnnn www mmm nnnnn ww mmm wwww nn mmmm www nn mmmmm ww nnnn mmm www nnn mmmm ww wwwww nnn mm www mmmmm nn wwww mmm nnn ww mmmm wwww nn mmm www nnnnn mm wwww nnn mmmmm ww nnn wwww mm nnnn mmm www nn mmmmm wwww nnn mm www nnnn mmmm ww nnn wwwww mm nnn mmmm www nn wwww mmm nnnnn ww mmm www nnnn mm wwwww nn mmm nnnn www mm wwww nnn mmmmm ww nnnn mmm www nnn mmmm ww wwwww nnn mm www mmmmm nn wwww mmm nnn ww mmmm wwww nn mmm www nnnnn mm wwww nnn mmmmm ww nnn wwww mm nnnn mmm www nn mmmmm wwww nnn mm www nnnn mmmm ww nnn wwwww mm nnn mmmm www nn wwww mmm nnnnn ww mmm www nnnn mm wwwww nn mmm nnnn www mm wwww nnn mmmmm ww nnnn mmm www nnn mmmm ww wwwww nnn mm www mmmmm nn wwww mmm nnn ww mmmm wwww nn mmm www nnnnn mm wwww nnn mmmmm ww nnn wwww mm nnnn mmm www nn mmmmm wwww nnn mm www nnnn mmmm ww nnn wwwww mm nnn mmmm www nn wwww mmm nnnnn ww mmm www nnnn mm wwwww nn mmm nnnn www mm wwww nnn mmmmm ww nnnn mmm www nnn mmmm ww wwwww nnn mm www mmmmm nn wwww mmm nnn ww mmmm wwww nn mmm www nnnnn mm wwww nnn mmmmm ww nnn wwww mm nnnn mmm www nn mmmmm wwww nnn mm www nnnn mmmm ww nnn wwwww mm nnn mmmm www nn wwww mmm nnnnn ww mmm www nnnn mm wwwww nn mmm nnnn www mm wwww nnn mmmmm ww nnnn mmm www nnn mmmm ww wwwww nnn mm www mmmmm nn wwww mmm nnn ww mmmm wwww nn mmm www nnnnn mm wwww nnn mmmmm ww nnn wwww mm nnnn mmm www nn mmmmm wwww nnn mm www nnnn mmmm ww nnn wwwww mm nnn mmmm www nn wwww mmm nnnnn ww mmm www nnnn mm wwwww nn mmm nnnn www mm wwww nnn mmmmm ww nnnn mmm www nnn mmmm ww wwwww nnn mm www mmmmm nn wwww mmm nnn ww mmmm wwww nn mmm www nnnnn mm wwww nnn mmmmm ww nnn wwww mm nnnn mmm www nn mmmmm wwww nnn mm www nnnn mmmm ww nnn wwwww mm nnn mmmm www nn wwww mmm nnnnn ww mmm www nnnn mm wwwww nn mmm nnnn www mm wwww nnn mmmmm ww
wwww mmm nnnn ww mmmmm www nnn mm wwwww mm nnnn www mmm nnnnn ww mmm wwww nn mmmm www nn mmmmm ww nnnn mmm www nnn mmmm ww wwwww nnn mm www mmmmm nn wwww mmm nnn ww mmmm wwww nn mmm www nnnnn mm wwww nnn mmmmm ww nnn wwww mm nnnn mmm www nn mmmmm wwww nnn mm www nnnn mmmm ww nnn wwwww mm nnn mmmm www nn wwww mmm nnnnn ww mmm www nnnn mm wwwww nn mmm nnnn www mm wwww nnn mmmmm ww nnnn mmm www nnn mmmm ww wwwww nnn mm www mmmmm nn wwww mmm nnn ww mmmm wwww nn mmm www nnnnn mm wwww nnn mmmmm ww nnn wwww mm nnnn mmm www nn mmmmm wwww nnn mm www nnnn mmmm ww nnn wwwww mm nnn mmmm www nn wwww mmm nnnnn ww mmm www nnnn mm wwwww nn mmm nnnn www mm wwww nnn mmmmm ww nnnn mmm www nnn mmmm ww wwwww nnn mm www mmmmm nn wwww mmm nnn ww mmmm wwww nn mmm www nnnnn mm wwww nnn mmmmm ww nnn wwww mm nnnn mmm www nn mmmmm wwww nnn mm www nnnn mmmm ww nnn wwwww mm nnn mmmm www nn wwww mmm nnnnn ww mmm www nnnn mm wwwww nn mmm nnnn www mm wwww nnn mmmmm ww nnnn mmm www nnn mmmm ww wwwww nnn mm www mmmmm nn wwww mmm nnn ww mmmm wwww nn mmm www nnnnn mm wwww nnn mmmmm ww nnn wwww mm nnnn mmm www nn mmmmm wwww nnn mm www nnnn mmmm ww nnn wwwww mm nnn mmmm www nn wwww mmm nnnnn ww mmm www nnnn mm wwwww nn mmm nnnn www mm wwww nnn mmmmm ww nnnn mmm www nnn mmmm ww wwwww nnn mm www mmmmm nn wwww mmm nnn ww mmmm wwww nn mmm www nnnnn mm wwww nnn mmmmm ww nnn wwww mm nnnn mmm www nn mmmmm wwww nnn mm www nnnn mmmm ww nnn wwwww mm nnn mmmm www nn wwww mmm nnnnn ww mmm www nnnn mm wwwww nn mmm nnnn www mm wwww nnn mmmmm ww nnnn mmm www nnn mmmm ww wwwww nnn mm www mmmmm nn wwww mmm nnn ww mmmm wwww nn mmm www nnnnn mm wwww nnn mmmmm ww nnn wwww mm nnnn mmm www nn mmmmm wwww nnn mm www nnnn mmmm ww nnn wwwww mm nnn mmmm www nn wwww mmm nnnnn ww mmm www nnnn mm wwwww nn mmm nnnn www mm wwww nnn mmmmm ww
SHARON.
wwww mmm nnnn ww mmmmm www nnn mm wwwww mm nnnn www mmm nnnnn ww mmm wwww nn mmmm www nn mmmmm ww nnnn mmm www nnn mmmm ww wwwww nnn mm www mmmmm nn wwww mmm nnn ww mmmm wwww nn mmm www nnnnn mm wwww nnn mmmmm ww nnn wwww mm nnnn mmm www nn mmmmm wwww nnn mm www nnnn mmmm ww nnn wwwww mm nnn mmmm www nn wwww mmm nnnnn ww mmm www nnnn mm wwwww nn mmm nnnn www mm wwww nnn mmmmm ww nnnn mmm www nnn mmmm ww wwwww nnn mm www mmmmm nn wwww mmm nnn ww mmmm wwww nn mmm www nnnnn mm wwww nnn mmmmm ww nnn wwww mm nnnn mmm www nn mmmmm wwww nnn mm www nnnn mmmm ww nnn wwwww mm nnn mmmm www nn wwww mmm nnnnn ww mmm www nnnn mm wwwww nn mmm nnnn www mm wwww nnn mmmmm ww nnnn mmm www nnn mmmm ww wwwww nnn mm www mmmmm nn wwww mmm nnn ww mmmm wwww nn mmm www nnnnn mm wwww nnn mmmmm ww nnn wwww mm nnnn mmm www nn mmmmm wwww nnn mm www nnnn mmmm ww nnn wwwww mm nnn mmmm www nn wwww mmm nnnnn ww mmm www nnnn mm wwwww nn mmm nnnn www mm wwww nnn mmmmm ww nnnn mmm www nnn mmmm ww wwwww nnn mm www mmmmm nn wwww mmm nnn ww mmmm wwww nn mmm www nnnnn mm wwww nnn mmmmm ww nnn wwww mm nnnn mmm www nn mmmmm wwww nnn mm www nnnn mmmm ww nnn wwwww mm nnn mmmm www nn wwww mmm nnnnn ww mmm www nnnn mm wwwww nn mmm nnnn www mm wwww nnn mmmmm ww nnnn mmm www nnn mmmm ww wwwww nnn mm www mmmmm nn wwww mmm nnn ww mmmm wwww nn mmm www nnnnn mm wwww nnn mmmmm ww nnn wwww mm nnnn mmm www nn mmmmm wwww nnn mm www nnnn mmmm ww nnn wwwww mm nnn mmmm www nn wwww mmm nnnnn ww mmm www nnnn mm wwwww nn mmm nnnn www mm wwww nnn mmmmm ww nnnn mmm www nnn mmmm ww wwwww nnn mm www mmmmm nn wwww mmm nnn ww mmmm wwww nn mmm www nnnnn mm wwww nnn mmmmm ww nnn wwww mm nnnn mmm www nn mmmmm wwww nnn mm www nnnn mmmm ww nnn wwwww mm nnn mmmm www nn wwww mmm nnnnn ww mmm www nnnn mm wwwww nn mmm nnnn www mm wwww nnn mmmmm ww	Clinton.
wwww mmm nnnn ww mmmmm www nnn mm wwwww mm nnnn www mmm nnnnn ww mmm wwww nn mmmm www nn mmmmm ww nnnn mmm www nnn mmmm ww wwwww nnn mm www mmmmm nn wwww mmm nnn ww mmmm wwww nn mmm www nnnnn mm wwww nnn mmmmm ww nnn wwww mm nnnn mmm www nn mmmmm wwww nnn mm www nnnn mmmm ww nnn wwwww mm nnn mmmm www nn wwww mmm nnnnn ww mmm www nnnn mm wwwww nn mmm nnnn www mm wwww nnn mmmmm ww nnnn mmm www nnn mmmm ww wwwww nnn mm www mmmmm nn wwww mmm nnn ww mmmm wwww nn mmm www nnnnn mm wwww nnn mmmmm ww nnn wwww mm nnnn mmm www nn mmmmm wwww nnn mm www nnnn mmmm ww nnn wwwww mm nnn mmmm www nn wwww mmm nnnnn ww mmm www nnnn mm wwwww nn mmm nnnn www mm wwww nnn mmmmm ww nnnn mmm www nnn mmmm ww wwwww nnn mm www mmmmm nn wwww mmm nnn ww mmmm wwww nn mmm www nnnnn mm wwww nnn mmmmm ww nnn wwww mm nnnn mmm www nn mmmmm wwww nnn mm www nnnn mmmm ww nnn wwwww mm nnn mmmm www nn wwww mmm nnnnn ww mmm www nnnn mm wwwww nn mmm nnnn www mm wwww nnn mmmmm ww nnnn mmm www nnn mmmm ww wwwww nnn mm www mmmmm nn wwww mmm nnn ww mmmm wwww nn mmm www nnnnn mm wwww nnn mmmmm ww nnn wwww mm nnnn mmm www nn mmmmm wwww nnn mm www nnnn mmmm ww nnn wwwww mm nnn mmmm www nn wwww mmm nnnnn ww mmm www nnnn mm wwwww nn mmm nnnn www mm wwww nnn mmmmm ww nnnn mmm www nnn mmmm ww wwwww nnn mm www mmmmm nn wwww mmm nnn ww mmmm wwww nn mmm www nnnnn mm wwww nnn mmmmm ww nnn wwww mm nnnn mmm www nn mmmmm wwww nnn mm www nnnn mmmm ww nnn wwwww mm nnn mmmm www nn wwww mmm nnnnn ww mmm www nnnn mm wwwww nn mmm nnnn www mm wwww nnn mmmmm ww nnnn mmm www nnn mmmm ww wwwww nnn mm www mmmmm nn wwww mmm nnn ww mmmm wwww nn mmm www nnnnn mm wwww nnn mmmmm ww nnn wwww mm nnnn mmm www nn mmmmm wwww nnn mm www nnnn mmmm ww nnn wwwww mm nnn mmmm www nn wwww mmm nnnnn ww mmm www nnnn mm wwwww nn mmm nnnn www mm wwww nnn mmmmm ww
The Firm Name
wwww mmm nnnn ww mmmmm www nnn mm wwwww mm nnnn www mmm nnnnn ww mmm wwww nn mmmm www nn mmmmm ww nnnn mmm www nnn mmmm ww wwwww nnn mm www mmmmm nn wwww mmm nnn ww mmmm wwww nn mmm www nnnnn mm wwww nnn mmmmm ww nnn wwww mm nnnn mmm www nn mmmmm wwww nnn mm www nnnn mmmm ww nnn wwwww mm nnn mmmm www nn wwww mmm nnnnn ww mmm www nnnn mm wwwww nn mmm nnnn www mm wwww nnn mmmmm ww nnnn mmm www nnn mmmm ww wwwww nnn mm www mmmmm nn wwww mmm nnn ww mmmm wwww nn mmm www nnnnn mm wwww nnn mmmmm ww nnn wwww mm nnnn mmm www nn mmmmm wwww nnn mm www nnnn mmmm ww nnn wwwww mm nnn mmmm www nn wwww mmm nnnnn ww mmm www nnnn mm wwwww nn mmm nnnn www mm wwww nnn mmmmm ww nnnn mmm www nnn mmmm ww wwwww nnn mm www mmmmm nn wwww mmm nnn ww mmmm wwww nn mmm www nnnnn mm wwww nnn mmmmm ww nnn wwww mm nnnn mmm www nn mmmmm wwww nnn mm www nnnn mmmm ww nnn wwwww mm nnn mmmm www nn wwww mmm nnnnn ww mmm www nnnn mm wwwww nn mmm nnnn www mm wwww nnn mmmmm ww nnnn mmm www nnn mmmm ww wwwww nnn mm www mmmmm nn wwww mmm nnn ww mmmm wwww nn mmm www nnnnn mm wwww nnn mmmmm ww nnn wwww mm nnnn mmm www nn mmmmm wwww nnn mm www nnnn mmmm ww nnn wwwww mm nnn mmmm www nn wwww mmm nnnnn ww mmm www nnnn mm wwwww nn mmm nnnn www mm wwww nnn mmmmm ww nnnn mmm www nnn mmmm ww wwwww nnn mm www mmmmm nn wwww mmm nnn ww mmmm wwww nn mmm www nnnnn mm wwww nnn mmmmm ww nnn wwww mm nnnn mmm www nn mmmmm wwww nnn mm www nnnn mmmm ww nnn wwwww mm nnn mmmm www nn wwww mmm nnnnn ww mmm www nnnn mm wwwww nn mmm nnnn www mm wwww nnn mmmmm ww nnnn mmm www nnn mmmm ww wwwww nnn mm www mmmmm nn wwww mmm nnn ww mmmm wwww nn mmm www nnnnn mm wwww nnn mmmmm ww nnn wwww mm nnnn mmm www nn mmmmm wwww nnn mm www nnnn mmmm ww nnn wwwww mm nnn mmmm www nn wwww mmm nnnnn ww mmm www nnnn mm wwwww nn mmm nnnn www mm wwww nnn mmmmm ww
C. H. PUTNAM
HAVE YOU GOT CREAM TO THROW TO YOUR HOGS ?
Empire Cream Separator
Business or Shorthand Course
Brown's Business University.
School Books
Tablets 1 to 5 cts.
Pencils 1 to 5 c.
Pencil Boxes
Note Books
wwww mmm nnnn ww mmmmm www nnn mm wwwww mm nnnn www mmm nnnnn ww mmm wwww nn mmmm www nn mmmmm ww nnnn mmm www nnn mmmm ww wwwww nnn mm www mmmmm nn wwww mmm nnn ww mmmm wwww nn mmm www nnnnn mm wwww nnn mmmmm ww nnn wwww mm nnnn mmm www nn mmmmm wwww nnn mm www nnnn mmmm ww nnn wwwww mm nnn mmmm www nn wwww mmm nnnnn ww mmm www nnnn mm wwwww nn mmm nnnn www mm wwww nnn mmmmm ww nnnn mmm www nnn mmmm ww wwwww nnn mm www mmmmm nn wwww mmm nnn ww mmmm wwww nn mmm www nnnnn mm wwww nnn mmmmm ww nnn wwww mm nnnn mmm www nn mmmmm wwww nnn mm www nnnn mmmm ww nnn wwwww mm nnn mmmm www nn wwww mmm nnnnn ww mmm www nnnn mm wwwww nn mmm nnnn www mm wwww nnn mmmmm ww nnnn mmm www nnn mmmm ww wwwww nnn mm www mmmmm nn wwww mmm nnn ww mmmm wwww nn mmm www nnnnn mm wwww nnn mmmmm ww nnn wwww mm nnnn mmm www nn mmmmm wwww nnn mm www nnnn mmmm ww nnn wwwww mm nnn mmmm www nn wwww mmm nnnnn ww mmm www nnnn mm wwwww nn mmm nnnn www mm wwww nnn mmmmm ww nnnn mmm www nnn mmmm ww wwwww nnn mm www mmmmm nn wwww mmm nnn ww mmmm wwww nn mmm www nnnnn mm wwww nnn mmmmm ww nnn wwww mm nnnn mmm www nn mmmmm wwww nnn mm www nnnn mmmm ww nnn wwwww mm nnn mmmm www nn wwww mmm nnnnn ww mmm www nnnn mm wwwww nn mmm nnnn www mm wwww nnn mmmmm ww nnnn mmm www nnn mmmm ww wwwww nnn mm www mmmmm nn wwww mmm nnn ww mmmm wwww nn mmm www nnnnn mm wwww nnn mmmmm ww nnn wwww mm nnnn mmm www nn mmmmm wwww nnn mm www nnnn mmmm ww nnn wwwww mm nnn mmmm www nn wwww mmm nnnnn ww mmm www nnnn mm wwwww nn mmm nnnn www mm wwww nnn mmmmm ww nnnn mmm www nnn mmmm ww wwwww nnn mm www mmmmm nn wwww mmm nnn ww mmmm wwww nn mmm www nnnnn mm wwww nnn mmmmm ww nnn wwww mm nnnn mmm www nn mmmmm wwww nnn mm www nnnn mmmm ww nnn wwwww mm nnn mmmm www nn wwww mmm nnnnn ww mmm www nnnn mm wwwww nn mmm nnnn www mm wwww nnn mmmmm ww
Haeussler's
Carpets !
wwww mmm nnnn ww mmmmm www nnn mm wwwww mm nnnn www mmm nnnnn ww mmm wwww nn mmmm www nn mmmmm ww nnnn mmm www nnn mmmm ww wwwww nnn mm www mmmmm nn wwww mmm nnn ww mmmm wwww nn mmm www nnnnn mm wwww nnn mmmmm ww nnn wwww mm nnnn mmm www nn mmmmm wwww nnn mm www nnnn mmmm ww nnn wwwww mm nnn mmmm www nn wwww mmm nnnnn ww mmm www nnnn mm wwwww nn mmm nnnn www mm wwww nnn mmmmm ww nnnn mmm www nnn mmmm ww wwwww nnn mm www mmmmm nn wwww mmm nnn ww mmmm wwww nn mmm www nnnnn mm wwww nnn mmmmm ww nnn wwww mm nnnn mmm www nn mmmmm wwww nnn mm www nnnn mmmm ww nnn wwwww mm nnn mmmm www nn wwww mmm nnnnn ww mmm www nnnn mm wwwww nn mmm nnnn www mm wwww nnn mmmmm ww nnnn mmm www nnn mmmm ww wwwww nnn mm www mmmmm nn wwww mmm nnn ww mmmm wwww nn mmm www nnnnn mm wwww nnn mmmmm ww nnn wwww mm nnnn mmm www nn mmmmm wwww nnn mm www nnnn mmmm ww nnn wwwww mm nnn mmmm www nn wwww mmm nnnnn ww mmm www nnnn mm wwwww nn mmm nnnn www mm wwww nnn mmmmm ww nnnn mmm www nnn mmmm ww wwwww nnn mm www mmmmm nn wwww mmm nnn ww mmmm wwww nn mmm www nnnnn mm wwww nnn mmmmm ww nnn wwww mm nnnn mmm www nn mmmmm wwww nnn mm www nnnn mmmm ww nnn wwwww mm nnn mmmm www nn wwww mmm nnnnn ww mmm www nnnn mm wwwww nn mmm nnnn www mm wwww nnn mmmmm ww nnnn mmm www nnn mmmm ww wwwww nnn mm www mmmmm nn wwww mmm nnn ww mmmm wwww nn mmm www nnnnn mm wwww nnn mmmmm ww nnn wwww mm nnnn mmm www nn mmmmm wwww nnn mm www nnnn mmmm ww nnn wwwww mm nnn mmmm www nn wwww mmm nnnnn ww mmm www nnnn mm wwwww nn mmm nnnn www mm wwww nnn mmmmm ww nnnn mmm www nnn mmmm ww wwwww nnn mm www mmmmm nn wwww mmm nnn ww mmmm wwww nn mmm www nnnnn mm wwww nnn mmmmm ww nnn wwww mm nnnn mmm www nn mmmmm wwww nnn mm www nnnn mmmm ww nnn wwwww mm nnn mmmm www nn wwww mmm nnnnn ww mmm www nnnn mm wwwww nn mmm nnnn www mm wwww nnn mmmmm ww
Crockery
wwww mmm nnnn ww mmmmm www nnn mm wwwww mm nnnn www mmm nnnnn ww mmm wwww nn mmmm www nn mmmmm ww nnnn mmm www nnn mmmm ww wwwww nnn mm www mmmmm nn wwww mmm nnn ww mmmm wwww nn mmm www nnnnn mm wwww nnn mmmmm ww nnn wwww mm nnnn mmm www nn mmmmm wwww nnn mm www nnnn mmmm ww nnn wwwww mm nnn mmmm www nn wwww mmm nnnnn ww mmm www nnnn mm wwwww nn mmm nnnn www mm wwww nnn mmmmm ww nnnn mmm www nnn mmmm ww wwwww nnn mm www mmmmm nn wwww mmm nnn ww mmmm wwww nn mmm www nnnnn mm wwww nnn mmmmm ww nnn wwww mm nnnn mmm www nn mmmmm wwww nnn mm www nnnn mmmm ww nnn wwwww mm nnn mmmm www nn wwww mmm nnnnn ww mmm www nnnn mm wwwww nn mmm nnnn www mm wwww nnn mmmmm ww nnnn mmm www nnn mmmm ww wwwww nnn mm www mmmmm nn wwww mmm nnn ww mmmm wwww nn mmm www nnnnn mm wwww nnn mmmmm ww nnn wwww mm nnnn mmm www nn mmmmm wwww nnn mm www nnnn mmmm ww nnn wwwww mm nnn mmmm www nn wwww mmm nnnnn ww mmm www nnnn mm wwwww nn mmm nnnn www mm wwww nnn mmmmm ww nnnn mmm www nnn mmmm ww wwwww nnn mm www mmmmm nn wwww mmm nnn ww mmmm wwww nn mmm www nnnnn mm wwww nnn mmmmm ww nnn wwww mm nnnn mmm www nn mmmmm wwww nnn mm www nnnn mmmm ww nnn wwwww mm nnn mmmm www nn wwww mmm nnnnn ww mmm www nnnn mm wwwww nn mmm nnnn www mm wwww nnn mmmmm ww nnnn mmm www nnn mmmm ww wwwww nnn mm www mmmmm nn wwww mmm nnn ww mmmm wwww nn mmm www nnnnn mm wwww nnn mmmmm ww nnn wwww mm nnnn mmm www nn mmmmm wwww nnn mm www nnnn mmmm ww nnn wwwww mm nnn mmmm www nn wwww mmm nnnnn ww mmm www nnnn mm wwwww nn mmm nnnn www mm wwww nnn mmmmm ww nnnn mmm www nnn mmmm ww wwwww nnn mm www mmmmm nn wwww mmm nnn ww mmmm wwww nn mmm www nnnnn mm wwww nnn mmmmm ww nnn wwww mm nnnn mmm www nn mmmmm wwww nnn mm www nnnn mmmm ww nnn wwwww mm nnn mmmm www nn wwww mmm nnnnn ww mmm www nnnn mm wwwww nn mmm nnnn www mm wwww nnn mmmmm ww
Lamps
wwww mmm nnnn ww mmmmm www nnn mm wwwww mm nnnn www mmm nnnnn ww mmm wwww nn mmmm www nn mmmmm ww nnnn mmm www nnn mmmm ww wwwww nnn mm www mmmmm nn wwww mmm nnn ww mmmm wwww nn mmm www nnnnn mm wwww nnn mmmmm ww nnn wwww mm nnnn mmm www nn mmmmm wwww nnn mm www nnnn mmmm ww nnn wwwww mm nnn mmmm www nn wwww mmm nnnnn ww mmm www nnnn mm wwwww nn mmm nnnn www mm wwww nnn mmmmm ww nnnn mmm www nnn mmmm ww wwwww nnn mm www mmmmm nn wwww mmm nnn ww mmmm wwww nn mmm www nnnnn mm wwww nnn mmmmm ww nnn wwww mm nnnn mmm www nn mmmmm wwww nnn mm www nnnn mmmm ww nnn wwwww mm nnn mmmm www nn wwww mmm nnnnn ww mmm www nnnn mm wwwww nn mmm nnnn www mm wwww nnn mmmmm ww nnnn mmm www nnn mmmm ww wwwww nnn mm www mmmmm nn wwww mmm nnn ww mmmm wwww nn mmm www nnnnn mm wwww nnn mmmmm ww nnn wwww mm nnnn mmm www nn mmmmm wwww nnn mm www nnnn mmmm ww nnn wwwww mm nnn mmmm www nn wwww mmm nnnnn ww mmm www nnnn mm wwwww nn mmm nnnn www mm wwww nnn mmmmm ww nnnn mmm www nnn mmmm ww wwwww nnn mm www mmmmm nn wwww mmm nnn ww mmmm wwww nn mmm www nnnnn mm wwww nnn mmmmm ww nnn wwww mm nnnn mmm www nn mmmmm wwww nnn mm www nnnn mmmm ww nnn wwwww mm nnn mmmm www nn wwww mmm nnnnn ww mmm www nnnn mm wwwww nn mmm nnnn www mm wwww nnn mmmmm ww nnnn mmm www nnn mmmm ww wwwww nnn mm www mmmmm nn wwww mmm nnn ww mmmm wwww nn mmm www nnnnn mm wwww nnn mmmmm ww nnn wwww mm nnnn mmm www nn mmmmm wwww nnn mm www nnnn mmmm ww nnn wwwww mm nnn mmmm www nn wwww mmm nnnnn ww mmm www nnnn mm wwwww nn mmm nnnn www mm wwww nnn mmmmm ww nnnn mmm www nnn mmmm ww wwwww nnn mm www mmmmm nn wwww mmm nnn ww mmmm wwww nn mmm www nnnnn mm wwww nnn mmmmm ww nnn wwww mm nnnn mmm www nn mmmmm wwww nnn mm www nnnn mmmm ww nnn wwwww mm nnn mmmm www nn wwww mmm nnnnn ww mmm www nnnn mm wwwww nn mmm nnnn www mm wwww nnn mmmmm ww
Furniture
C. G. JENTER
UNDERTAKER
STATE FAIR
EXCURSION
VIA
D. Y. A. A. & J. RY.
RATES MUCH REDUCED
wwww mmm nnnn ww mmmmm www nnn mm wwwww mm nnnn www mmm nnnnn ww mmm wwww nn mmmm www nn mmmmm ww nnnn mmm www nnn mmmm ww wwwww nnn mm www mmmmm nn wwww mmm nnn ww mmmm wwww nn mmm www nnnnn mm wwww nnn mmmmm ww nnn wwww mm nnnn mmm www nn mmmmm wwww nnn mm www nnnn mmmm ww nnn wwwww mm nnn mmmm www nn wwww mmm nnnnn ww mmm www nnnn mm wwwww nn mmm nnnn www mm wwww nnn mmmmm ww nnnn mmm www nnn mmmm ww wwwww nnn mm www mmmmm nn wwww mmm nnn ww mmmm wwww nn mmm www nnnnn mm wwww nnn mmmmm ww nnn wwww mm nnnn mmm www nn mmmmm wwww nnn mm www nnnn mmmm ww nnn wwwww mm nnn mmmm www nn wwww mmm nnnnn ww mmm www nnnn mm wwwww nn mmm nnnn www mm wwww nnn mmmmm ww nnnn mmm www nnn mmmm ww wwwww nnn mm www mmmmm nn wwww mmm nnn ww mmmm wwww nn mmm www nnnnn mm wwww nnn mmmmm ww nnn wwww mm nnnn mmm www nn mmmmm wwww nnn mm www nnnn mmmm ww nnn wwwww mm nnn mmmm www nn wwww mmm nnnnn ww mmm www nnnn mm wwwww nn mmm nnnn www mm wwww nnn mmmmm ww nnnn mmm www nnn mmmm ww wwwww nnn mm www mmmmm nn wwww mmm nnn ww mmmm wwww nn mmm www nnnnn mm wwww nnn mmmmm ww nnn wwww mm nnnn mmm www nn mmmmm wwww nnn mm www nnnn mmmm ww nnn wwwww mm nnn mmmm www nn wwww mmm nnnnn ww mmm www nnnn mm wwwww nn mmm nnnn www mm wwww nnn mmmmm ww nnnn mmm www nnn mmmm ww wwwww nnn mm www mmmmm nn wwww mmm nnn ww mmmm wwww nn mmm www nnnnn mm wwww nnn mmmmm ww nnn wwww mm nnnn mmm www nn mmmmm wwww nnn mm www nnnn mmmm ww nnn wwwww mm nnn mmmm www nn wwww mmm nnnnn ww mmm www nnnn mm wwwww nn mmm nnnn www mm wwww nnn mmmmm ww nnnn mmm www nnn mmmm ww wwwww nnn mm www mmmmm nn wwww mmm nnn ww mmmm wwww nn mmm www nnnnn mm wwww nnn mmmmm ww nnn wwww mm nnnn mmm www nn mmmmm wwww nnn mm www nnnn mmmm ww nnn wwwww mm nnn mmmm www nn wwww mmm nnnnn ww mmm www nnnn mm wwwww nn mmm nnnn www mm wwww nnn mmmmm ww
EXTRA CARS WILL BE RUN
ROOM FOR ALL
wwww mmm nnnn ww mmmmm www nnn mm wwwww mm nnnn www mmm nnnnn ww mmm wwww nn mmmm www nn mmmmm ww nnnn mmm www nnn mmmm ww wwwww nnn mm www mmmmm nn wwww mmm nnn ww mmmm wwww nn mmm www nnnnn mm wwww nnn mmmmm ww nnn wwww mm nnnn mmm www nn mmmmm wwww nnn mm www nnnn mmmm ww nnn wwwww mm nnn mmmm www nn wwww mmm nnnnn ww mmm www nnnn mm wwwww nn mmm nnnn www mm wwww nnn mmmmm ww nnnn mmm www nnn mmmm ww wwwww nnn mm www mmmmm nn wwww mmm nnn ww mmmm wwww nn mmm www nnnnn mm wwww nnn mmmmm ww nnn wwww mm nnnn mmm www nn mmmmm wwww nnn mm www nnnn mmmm ww nnn wwwww mm nnn mmmm www nn wwww mmm nnnnn ww mmm www nnnn mm wwwww nn mmm nnnn www mm wwww nnn mmmmm ww nnnn mmm www nnn mmmm ww wwwww nnn mm www mmmmm nn wwww mmm nnn ww mmmm wwww nn mmm www nnnnn mm wwww nnn mmmmm ww nnn wwww mm nnnn mmm www nn mmmmm wwww nnn mm www nnnn mmmm ww nnn wwwww mm nnn mmmm www nn wwww mmm nnnnn ww mmm www nnnn mm wwwww nn mmm nnnn www mm wwww nnn mmmmm ww nnnn mmm www nnn mmmm ww wwwww nnn mm www mmmmm nn wwww mmm nnn ww mmmm wwww nn mmm www nnnnn mm wwww nnn mmmmm ww nnn wwww mm nnnn mmm www nn mmmmm wwww nnn mm www nnnn mmmm ww nnn wwwww mm nnn mmmm www nn wwww mmm nnnnn ww mmm www nnnn mm wwwww nn mmm nnnn www mm wwww nnn mmmmm ww nnnn mmm www nnn mmmm ww wwwww nnn mm www mmmmm nn wwww mmm nnn ww mmmm wwww nn mmm www nnnnn mm wwww nnn mmmmm ww nnn wwww mm nnnn mmm www nn mmmmm wwww nnn mm www nnnn mmmm ww nnn wwwww mm nnn mmmm www nn wwww mmm nnnnn ww mmm www nnnn mm wwwww nn mmm nnnn www mm wwww nnn mmmmm ww nnnn mmm www nnn mmmm ww wwwww nnn mm www mmmmm nn wwww mmm nnn ww mmmm wwww nn mmm www nnnnn mm wwww nnn mmmmm ww nnn wwww mm nnnn mmm www nn mmmmm wwww nnn mm www nnnn mmmm ww nnn wwwww mm nnn mmmm www nn wwww mmm nnnnn ww mmm www nnnn mm wwwww nn mmm nnnn www mm wwww nnn mmmmm ww
